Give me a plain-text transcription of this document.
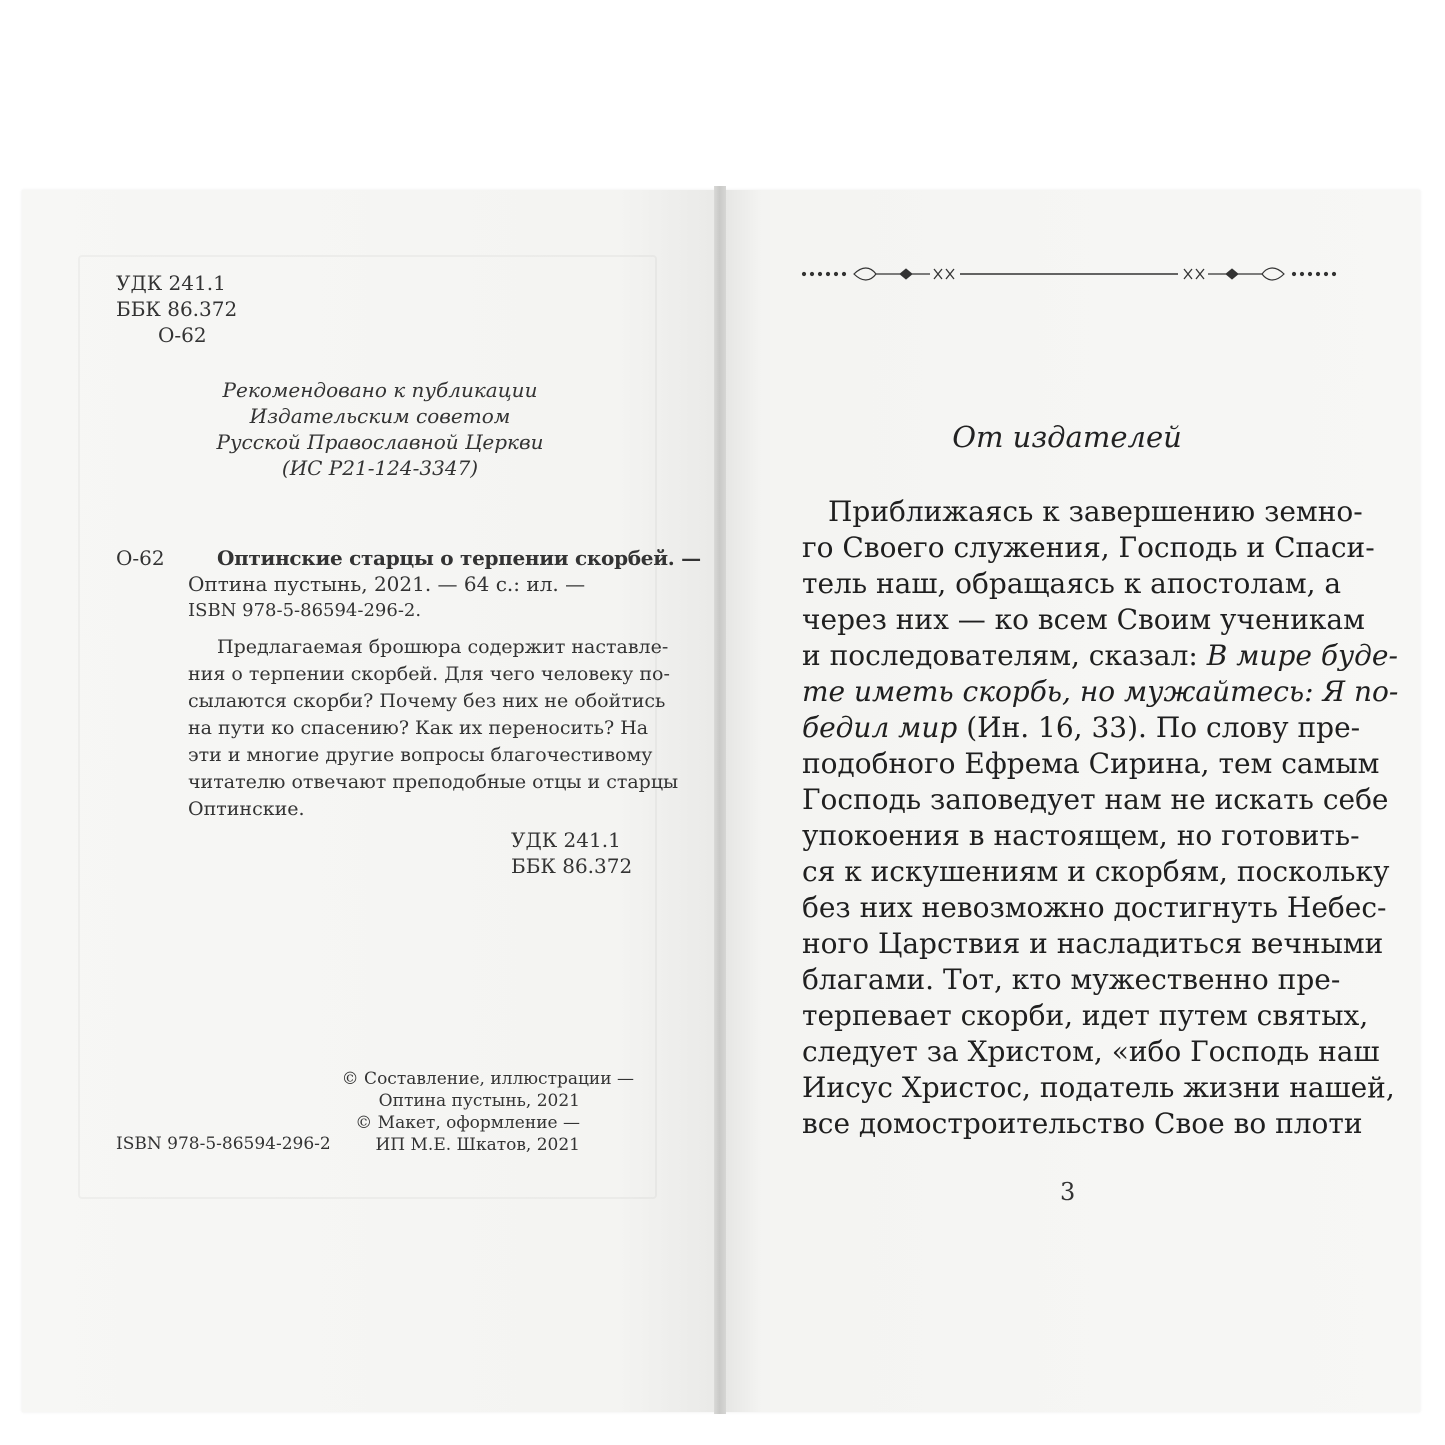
УДК 241.1
ББК 86.372
О-62
Рекомендовано к публикации
Издательским советом
Русской Православной Церкви
(ИС Р21-124-3347)
О-62	Оптинские старцы о терпении скорбей. —
Оптина пустынь, 2021. — 64 с.: ил. —
ISBN 978-5-86594-296-2.
Предлагаемая брошюра содержит наставле-
ния о терпении скорбей. Для чего человеку по-
сылаются скорби? Почему без них не обойтись
на пути ко спасению? Как их переносить? На
эти и многие другие вопросы благочестивому
читателю отвечают преподобные отцы и старцы
Оптинские.
УДК 241.1
ББК 86.372
© Составление, иллюстрации —
Оптина пустынь, 2021
© Макет, оформление —
ИП М.Е. Шкатов, 2021
ISBN 978-5-86594-296-2
От издателей
Приближаясь к завершению земно-
го Своего служения, Господь и Спаси-
тель наш, обращаясь к апостолам, а
через них — ко всем Своим ученикам
и последователям, сказал: В мире буде-
те иметь скорбь, но мужайтесь: Я по-
бедил мир (Ин. 16, 33). По слову пре-
подобного Ефрема Сирина, тем самым
Господь заповедует нам не искать себе
упокоения в настоящем, но готовить-
ся к искушениям и скорбям, поскольку
без них невозможно достигнуть Небес-
ного Царствия и насладиться вечными
благами. Тот, кто мужественно пре-
терпевает скорби, идет путем святых,
следует за Христом, «ибо Господь наш
Иисус Христос, податель жизни нашей,
все домостроительство Свое во плоти
3
